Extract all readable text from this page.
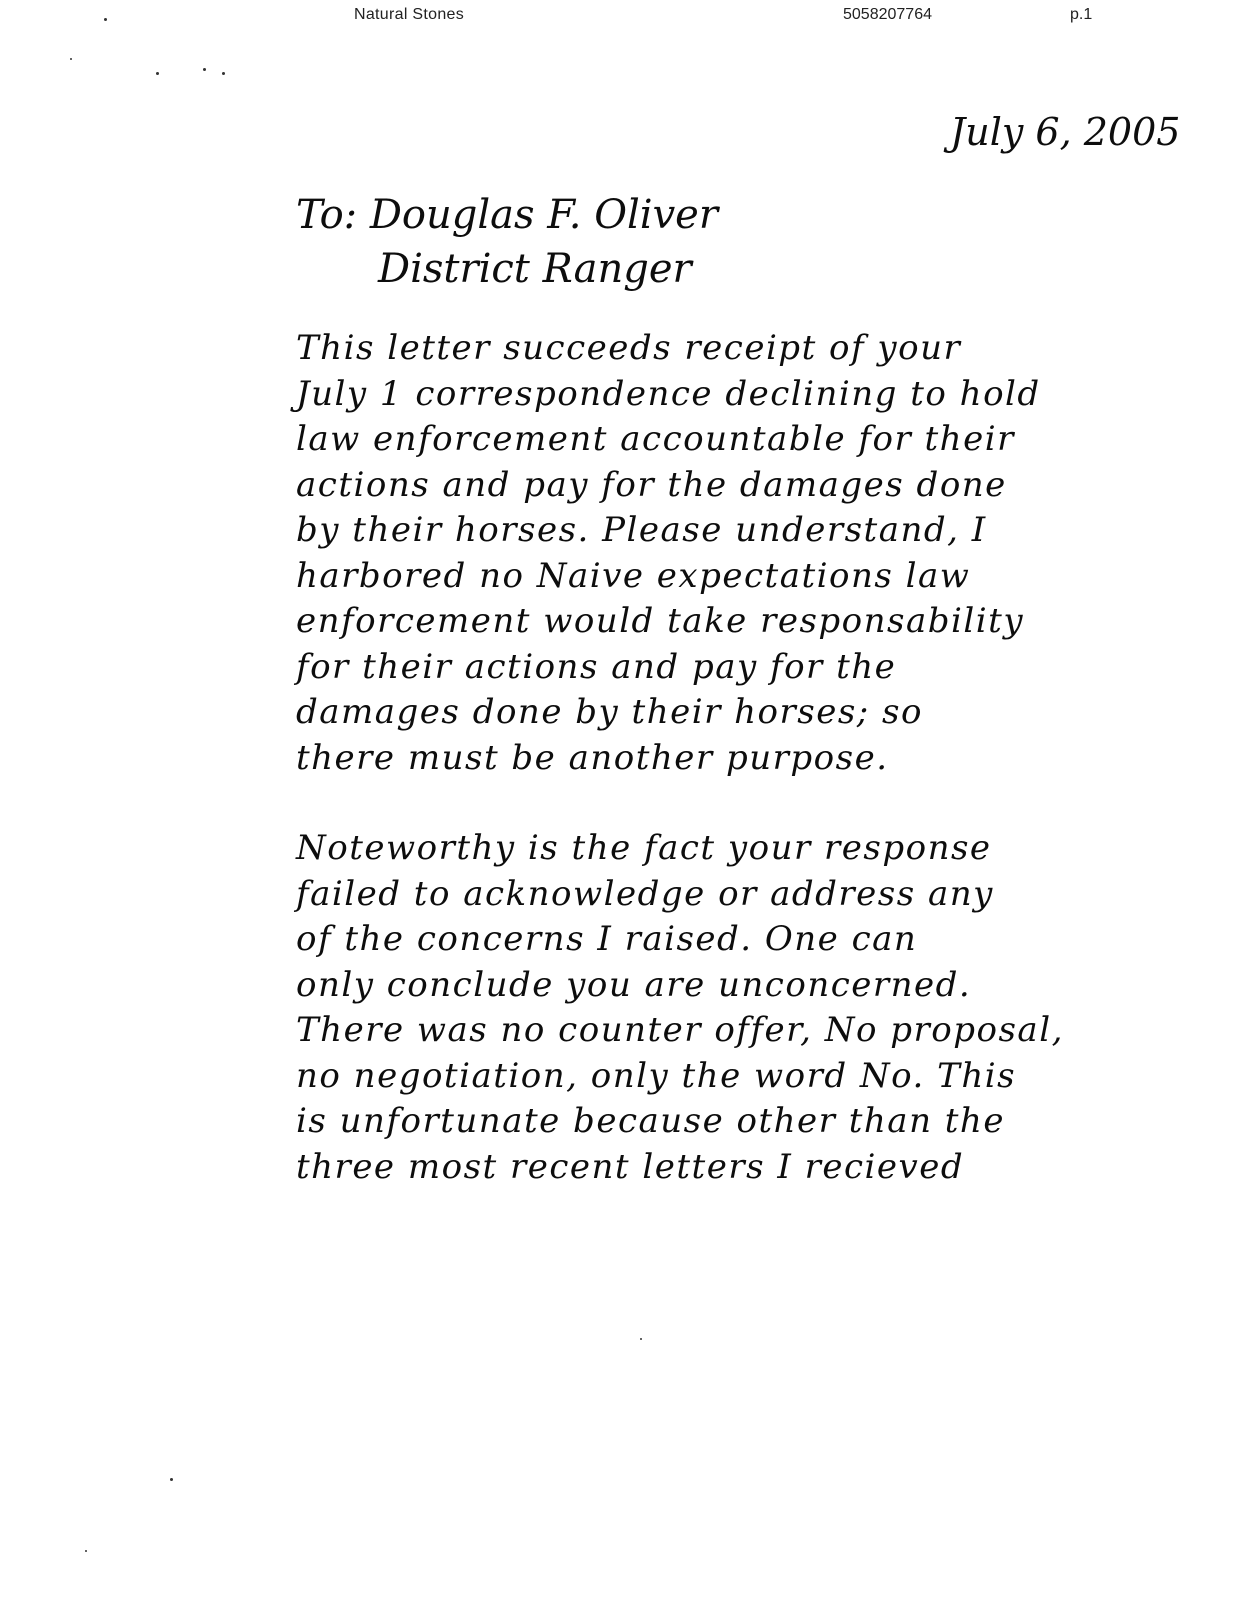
Natural Stones	5058207764	p.1
July 6, 2005
To: Douglas F. Oliver
District Ranger
This letter succeeds receipt of your
July 1 correspondence declining to hold
law enforcement accountable for their
actions and pay for the damages done
by their horses. Please understand, I
harbored no Naive expectations law
enforcement would take responsability
for their actions and pay for the
damages done by their horses; so
there must be another purpose.
Noteworthy is the fact your response
failed to acknowledge or address any
of the concerns I raised. One can
only conclude you are unconcerned.
There was no counter offer, No proposal,
no negotiation, only the word No. This
is unfortunate because other than the
three most recent letters I recieved
